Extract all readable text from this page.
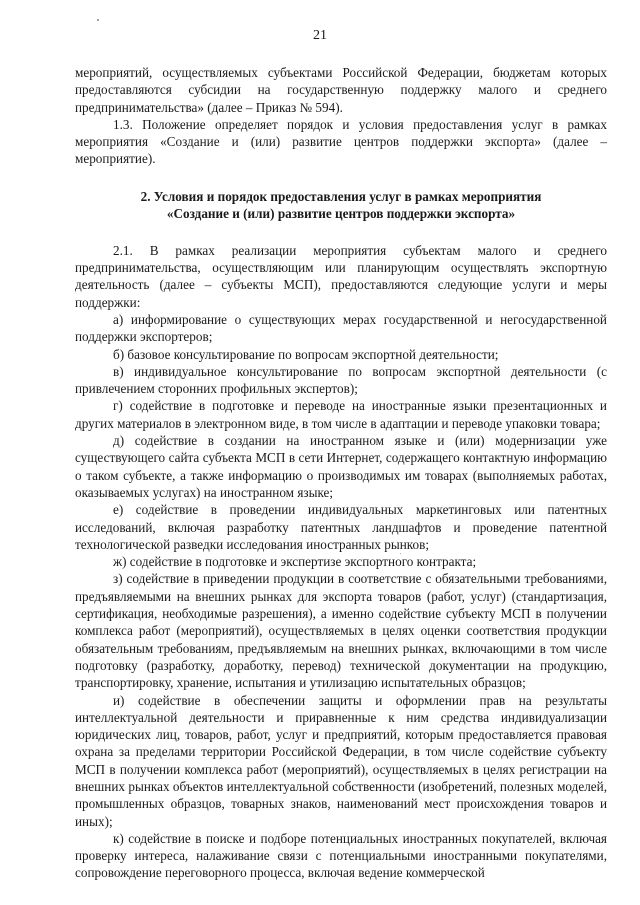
21

мероприятий, осуществляемых субъектами Российской Федерации, бюджетам которых предоставляются субсидии на государственную поддержку малого и среднего предпринимательства» (далее – Приказ № 594).

1.3. Положение определяет порядок и условия предоставления услуг в рамках мероприятия «Создание и (или) развитие центров поддержки экспорта» (далее – мероприятие).

2. Условия и порядок предоставления услуг в рамках мероприятия
«Создание и (или) развитие центров поддержки экспорта»

2.1. В рамках реализации мероприятия субъектам малого и среднего предпринимательства, осуществляющим или планирующим осуществлять экспортную деятельность (далее – субъекты МСП), предоставляются следующие услуги и меры поддержки:

а) информирование о существующих мерах государственной и негосударственной поддержки экспортеров;

б) базовое консультирование по вопросам экспортной деятельности;

в) индивидуальное консультирование по вопросам экспортной деятельности (с привлечением сторонних профильных экспертов);

г) содействие в подготовке и переводе на иностранные языки презентационных и других материалов в электронном виде, в том числе в адаптации и переводе упаковки товара;

д) содействие в создании на иностранном языке и (или) модернизации уже существующего сайта субъекта МСП в сети Интернет, содержащего контактную информацию о таком субъекте, а также информацию о производимых им товарах (выполняемых работах, оказываемых услугах) на иностранном языке;

е) содействие в проведении индивидуальных маркетинговых или патентных исследований, включая разработку патентных ландшафтов и проведение патентной технологической разведки исследования иностранных рынков;

ж) содействие в подготовке и экспертизе экспортного контракта;

з) содействие в приведении продукции в соответствие с обязательными требованиями, предъявляемыми на внешних рынках для экспорта товаров (работ, услуг) (стандартизация, сертификация, необходимые разрешения), а именно содействие субъекту МСП в получении комплекса работ (мероприятий), осуществляемых в целях оценки соответствия продукции обязательным требованиям, предъявляемым на внешних рынках, включающими в том числе подготовку (разработку, доработку, перевод) технической документации на продукцию, транспортировку, хранение, испытания и утилизацию испытательных образцов;

и) содействие в обеспечении защиты и оформлении прав на результаты интеллектуальной деятельности и приравненные к ним средства индивидуализации юридических лиц, товаров, работ, услуг и предприятий, которым предоставляется правовая охрана за пределами территории Российской Федерации, в том числе содействие субъекту МСП в получении комплекса работ (мероприятий), осуществляемых в целях регистрации на внешних рынках объектов интеллектуальной собственности (изобретений, полезных моделей, промышленных образцов, товарных знаков, наименований мест происхождения товаров и иных);

к) содействие в поиске и подборе потенциальных иностранных покупателей, включая проверку интереса, налаживание связи с потенциальными иностранными покупателями, сопровождение переговорного процесса, включая ведение коммерческой
